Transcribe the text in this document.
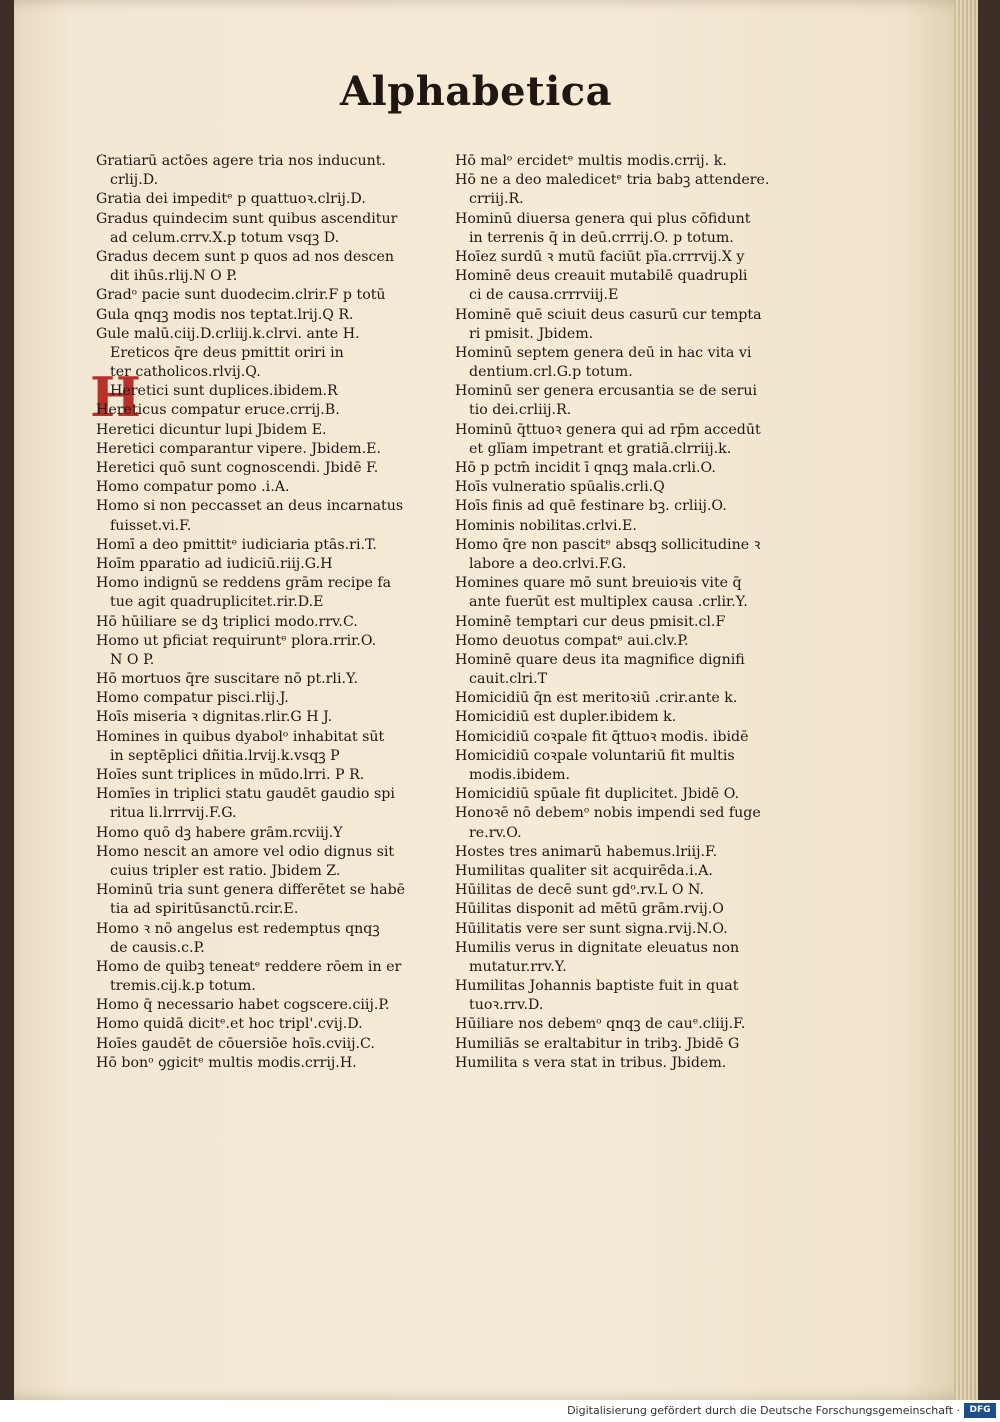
Alphabetica
H
Gratiarū actōes agere tria nos inducunt.
crlij.D.
Gratia dei impeditᵉ p quattuoꝛ.clrij.D.
Gradus quindecim sunt quibus ascenditur
ad celum.crrv.X.p totum vsqꝫ D.
Gradus decem sunt p quos ad nos descen
dit ihūs.rlij.N O P.
Gradᵒ pacie sunt duodecim.clrir.F p totū
Gula qnqꝫ modis nos teptat.lrij.Q R.
Gule malū.ciij.D.crliij.k.clrvi. ante H.
Ereticos q̄re deus pmittit oriri in
ter catholicos.rlvij.Q.
Heretici sunt duplices.ibidem.R
Hereticus compatur eruce.crrij.B.
Heretici dicuntur lupi Jbidem E.
Heretici comparantur vipere. Jbidem.E.
Heretici quō sunt cognoscendi. Jbidē F.
Homo compatur pomo .i.A.
Homo si non peccasset an deus incarnatus
fuisset.vi.F.
Homī a deo pmittitᵉ iudiciaria ptās.ri.T.
Hoīm pparatio ad iudiciū.riij.G.H
Homo indignū se reddens grām recipe fa
tue agit quadruplicitet.rir.D.E
Hō hūiliare se dꝫ triplici modo.rrv.C.
Homo ut pficiat requiruntᵉ plora.rrir.O.
N O P.
Hō mortuos q̄re suscitare nō pt.rli.Y.
Homo compatur pisci.rlij.J.
Hoīs miseria ꝛ dignitas.rlir.G H J.
Homines in quibus dyabolᵒ inhabitat sūt
in septēplici dñitia.lrvij.k.vsqꝫ P
Hoīes sunt triplices in mūdo.lrri. P R.
Homīes in triplici statu gaudēt gaudio spi
ritua li.lrrrvij.F.G.
Homo quō dꝫ habere grām.rcviij.Y
Homo nescit an amore vel odio dignus sit
cuius tripler est ratio. Jbidem Z.
Hominū tria sunt genera differētet se habē
tia ad spiritūsanctū.rcir.E.
Homo ꝛ nō angelus est redemptus qnqꝫ
de causis.c.P.
Homo de quibꝫ teneatᵉ reddere rōem in er
tremis.cij.k.p totum.
Homo q̄ necessario habet cogscere.ciij.P.
Homo quidā dicitᵉ.et hoc tripl'.cvij.D.
Hoīes gaudēt de cōuersiōe hoīs.cviij.C.
Hō bonᵒ ꝯgicitᵉ multis modis.crrij.H.
Hō malᵒ ercidetᵉ multis modis.crrij. k.
Hō ne a deo maledicetᵉ tria babꝫ attendere.
crriij.R.
Hominū diuersa genera qui plus cōfidunt
in terrenis q̄ in deū.crrrij.O. p totum.
Hoīez surdū ꝛ mutū faciūt pīa.crrrvij.X y
Hominē deus creauit mutabilē quadrupli
ci de causa.crrrviij.E
Hominē quē sciuit deus casurū cur tempta
ri pmisit. Jbidem.
Hominū septem genera deū in hac vita vi
dentium.crl.G.p totum.
Hominū ser genera ercusantia se de serui
tio dei.crliij.R.
Hominū q̄ttuoꝛ genera qui ad rp̄m accedūt
et glīam impetrant et gratiā.clrriij.k.
Hō p pctm̄ incidit ī qnqꝫ mala.crli.O.
Hoīs vulneratio spūalis.crli.Q
Hoīs finis ad quē festinare bꝫ. crliij.O.
Hominis nobilitas.crlvi.E.
Homo q̄re non pascitᵉ absqꝫ sollicitudine ꝛ
labore a deo.crlvi.F.G.
Homines quare mō sunt breuioꝛis vite q̄
ante fuerūt est multiplex causa .crlir.Y.
Hominē temptari cur deus pmisit.cl.F
Homo deuotus compatᵉ aui.clv.P.
Hominē quare deus ita magnifice dignifi
cauit.clri.T
Homicidiū q̄n est meritoꝛiū .crir.ante k.
Homicidiū est dupler.ibidem k.
Homicidiū coꝛpale fit q̄ttuoꝛ modis. ibidē
Homicidiū coꝛpale voluntariū fit multis
modis.ibidem.
Homicidiū spūale fit duplicitet. Jbidē O.
Honoꝛē nō debemᵒ nobis impendi sed fuge
re.rv.O.
Hostes tres animarū habemus.lriij.F.
Humilitas qualiter sit acquirēda.i.A.
Hūilitas de decē sunt gdᵒ.rv.L O N.
Hūilitas disponit ad mētū grām.rvij.O
Hūilitatis vere ser sunt signa.rvij.N.O.
Humilis verus in dignitate eleuatus non
mutatur.rrv.Y.
Humilitas Johannis baptiste fuit in quat
tuoꝛ.rrv.D.
Hūiliare nos debemᵒ qnqꝫ de cauᵉ.cliij.F.
Humiliās se eraltabitur in tribꝫ. Jbidē G
Humilita s vera stat in tribus. Jbidem.
Digitalisierung gefördert durch die Deutsche Forschungsgemeinschaft ·	DFG
